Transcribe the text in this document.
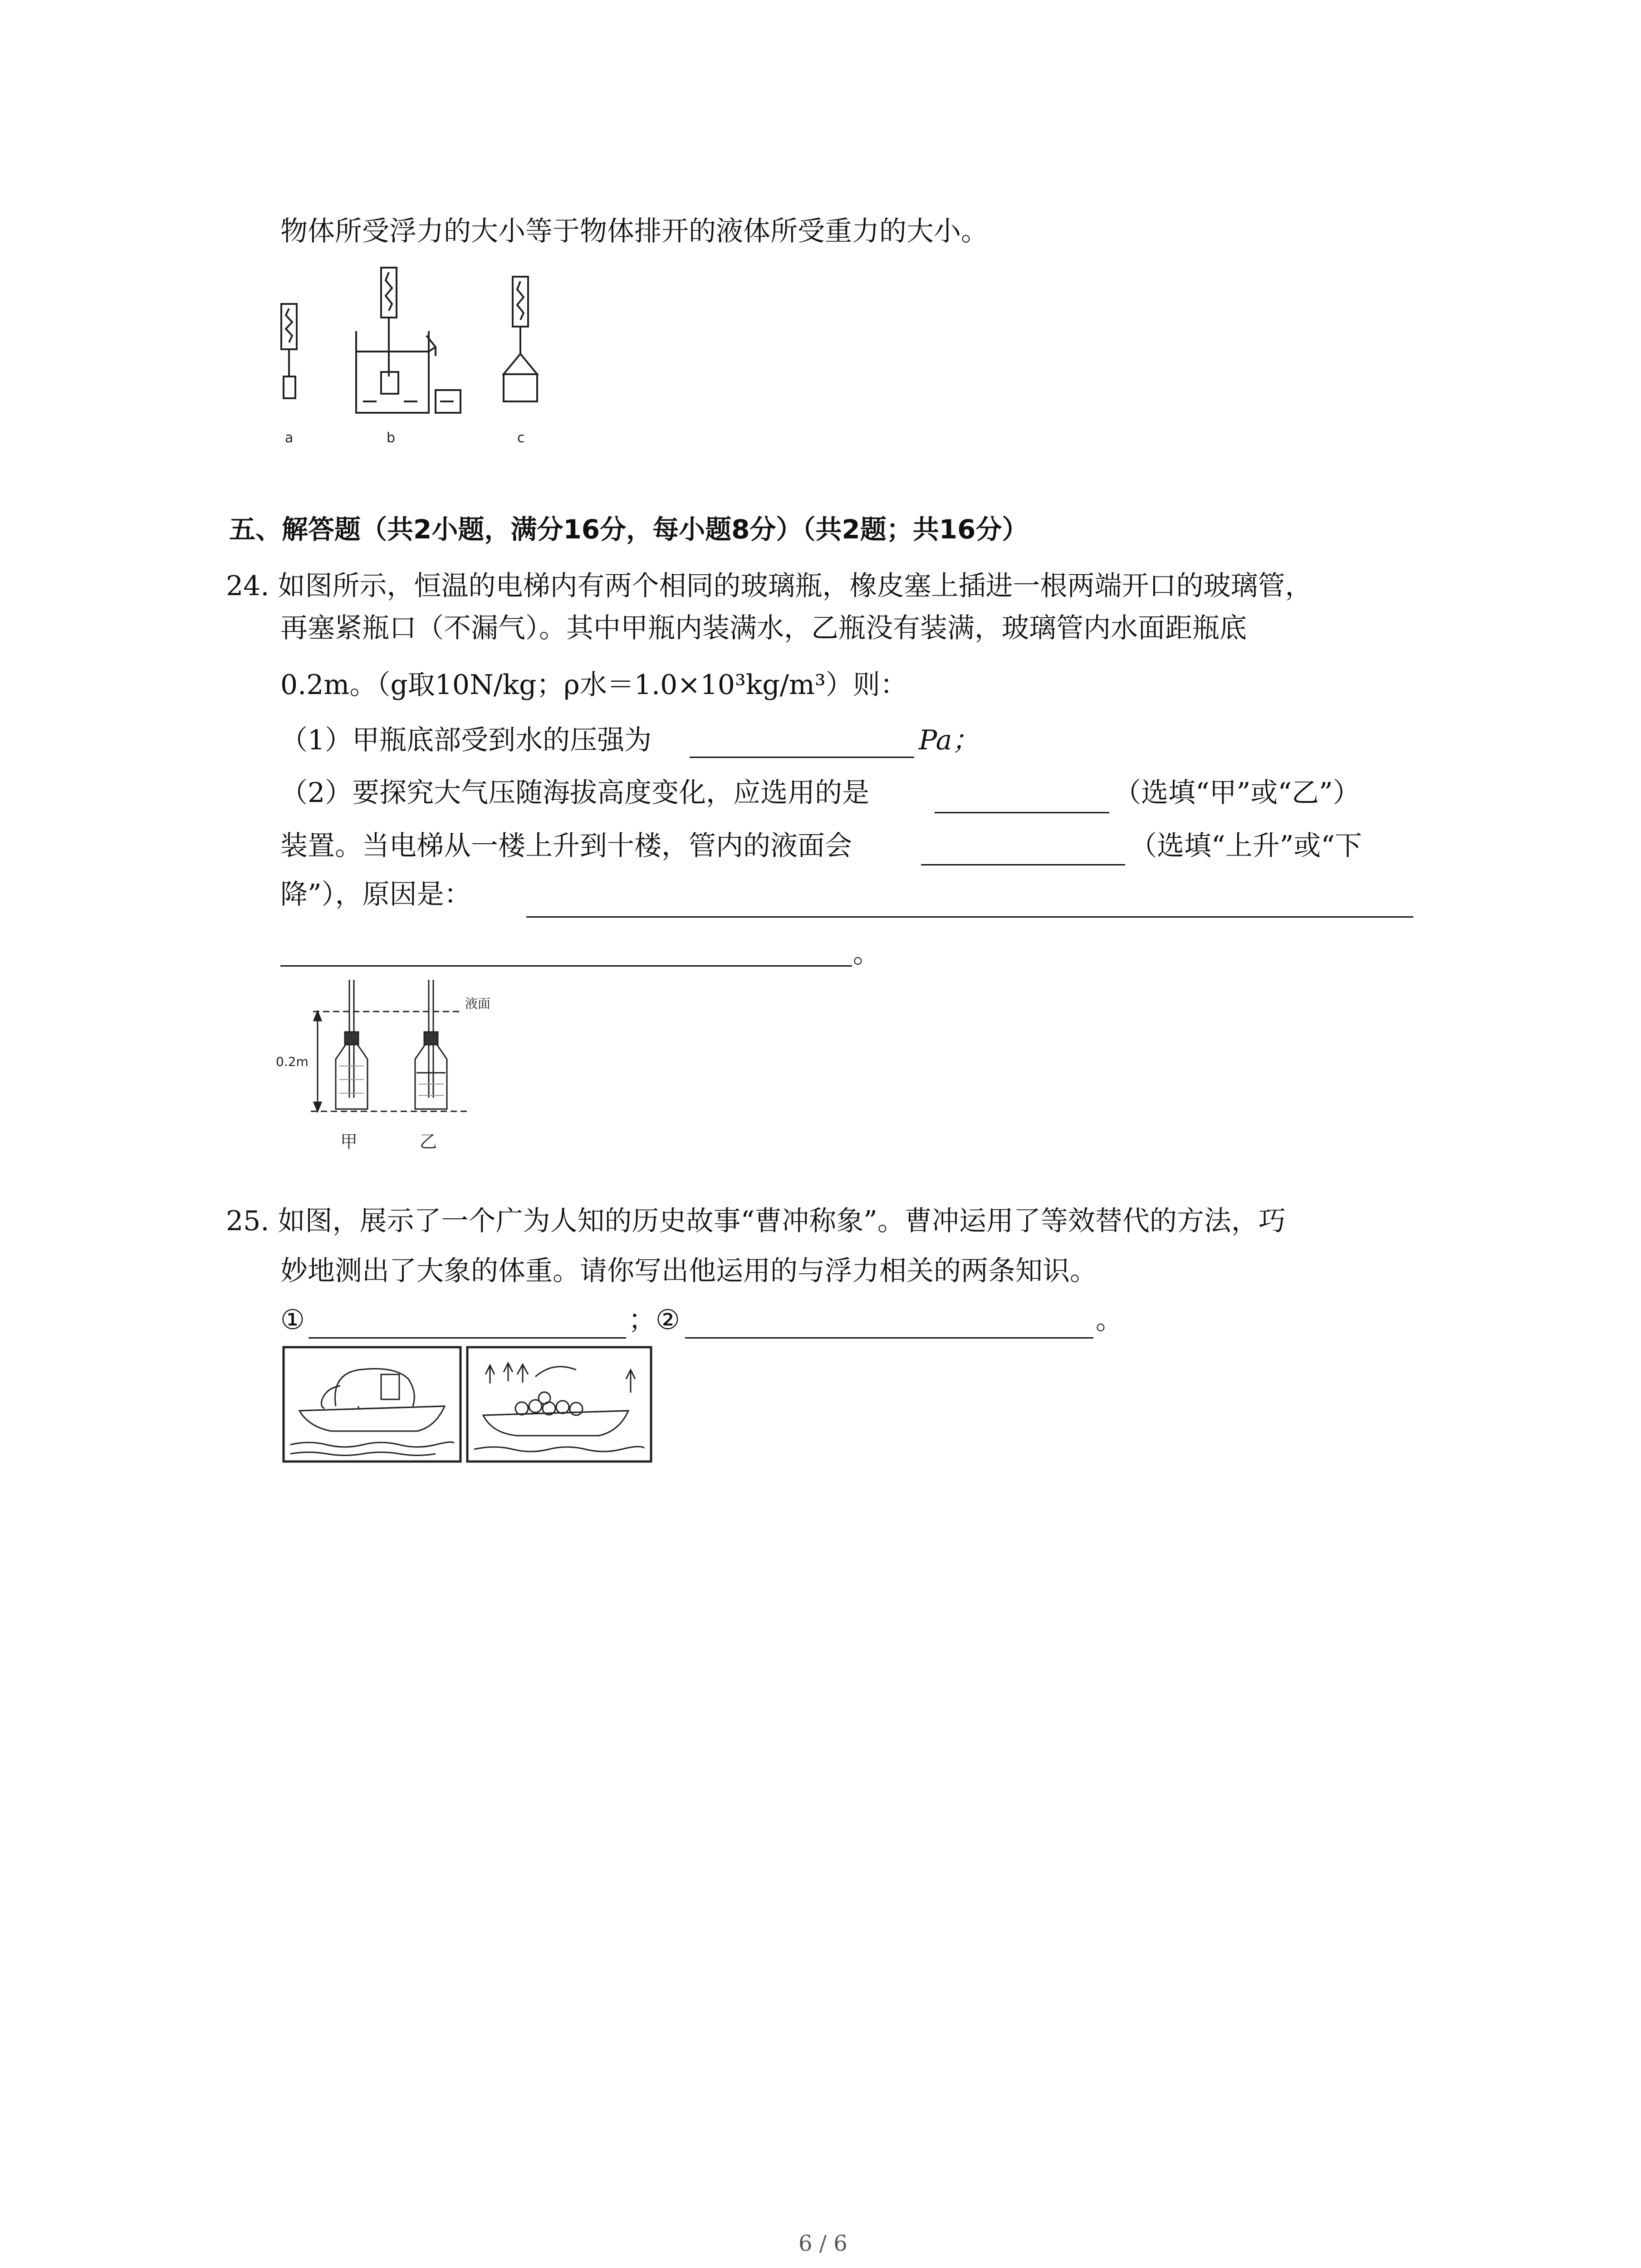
物体所受浮力的大小等于物体排开的液体所受重力的大小。
a	b	c
五、解答题（共2小题，满分16分，每小题8分）（共2题；共16分）
24. 如图所示，恒温的电梯内有两个相同的玻璃瓶，橡皮塞上插进一根两端开口的玻璃管，
再塞紧瓶口（不漏气）。其中甲瓶内装满水，乙瓶没有装满，玻璃管内水面距瓶底
0.2m。（g取10N/kg；ρ水＝1.0×10³kg/m³）则：
（1）甲瓶底部受到水的压强为	Pa；
（2）要探究大气压随海拔高度变化，应选用的是	（选填“甲”或“乙”）
装置。当电梯从一楼上升到十楼，管内的液面会	（选填“上升”或“下
降”），原因是：
。
液面
0.2m
甲	乙
25. 如图，展示了一个广为人知的历史故事“曹冲称象”。曹冲运用了等效替代的方法，巧
妙地测出了大象的体重。请你写出他运用的与浮力相关的两条知识。
①	； ②	。
6 / 6
